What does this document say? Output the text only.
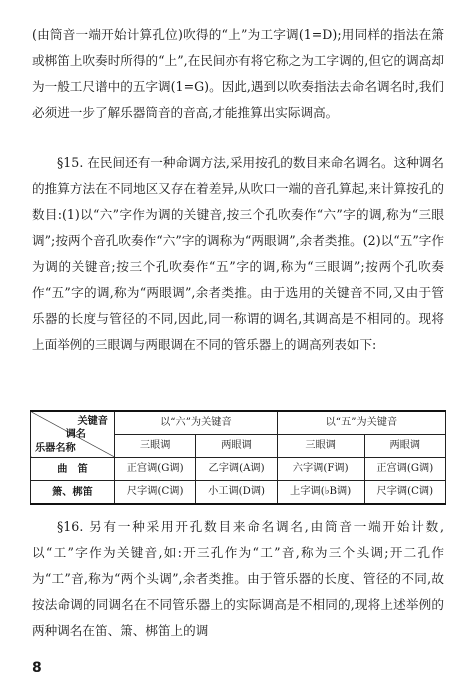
(由筒音一端开始计算孔位)吹得的“上”为工字调(1=D);用同样的指法在箫或梆笛上吹奏时所得的“上”,在民间亦有将它称之为工字调的,但它的调高却为一般工尺谱中的五字调(1=G)。因此,遇到以吹奏指法去命名调名时,我们必须进一步了解乐器筒音的音高,才能推算出实际调高。

§15. 在民间还有一种命调方法,采用按孔的数目来命名调名。这种调名的推算方法在不同地区又存在着差异,从吹口一端的音孔算起,来计算按孔的数目:(1)以“六”字作为调的关键音,按三个孔吹奏作“六”字的调,称为“三眼调”;按两个音孔吹奏作“六”字的调称为“两眼调”,余者类推。(2)以“五”字作为调的关键音;按三个孔吹奏作“五”字的调,称为“三眼调”;按两个孔吹奏作“五”字的调,称为“两眼调”,余者类推。由于选用的关键音不同,又由于管乐器的长度与管径的不同,因此,同一称谓的调名,其调高是不相同的。现将上面举例的三眼调与两眼调在不同的管乐器上的调高列表如下:

关键音
调名
乐器名称	以“六”为关键音		以“五”为关键音	
	三眼调	两眼调	三眼调	两眼调
曲　笛	正宫调(G调)	乙字调(A调)	六字调(F调)	正宫调(G调)
箫、梆笛	尺字调(C调)	小工调(D调)	上字调(♭B调)	尺字调(C调)

§16. 另有一种采用开孔数目来命名调名,由筒音一端开始计数,以“工”字作为关键音,如:开三孔作为“工”音,称为三个头调;开二孔作为“工”音,称为“两个头调”,余者类推。由于管乐器的长度、管径的不同,故按法命调的同调名在不同管乐器上的实际调高是不相同的,现将上述举例的两种调名在笛、箫、梆笛上的调

8
